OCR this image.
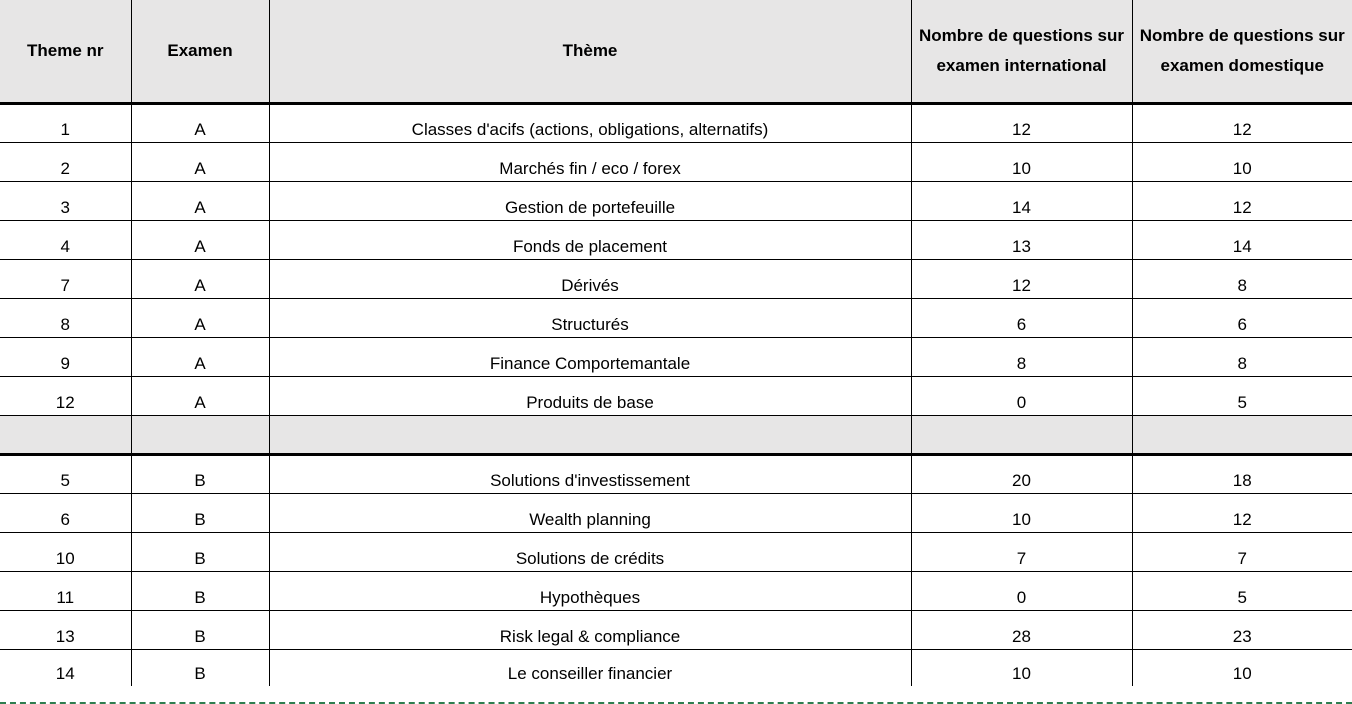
Theme nr	Examen	Thème	Nombre de questions sur examen international	Nombre de questions sur examen domestique
1	A	Classes d'acifs (actions, obligations, alternatifs)	12	12
2	A	Marchés fin / eco / forex	10	10
3	A	Gestion de portefeuille	14	12
4	A	Fonds de placement	13	14
7	A	Dérivés	12	8
8	A	Structurés	6	6
9	A	Finance Comportemantale	8	8
12	A	Produits de base	0	5

5	B	Solutions d'investissement	20	18
6	B	Wealth planning	10	12
10	B	Solutions de crédits	7	7
11	B	Hypothèques	0	5
13	B	Risk legal & compliance	28	23
14	B	Le conseiller financier	10	10
